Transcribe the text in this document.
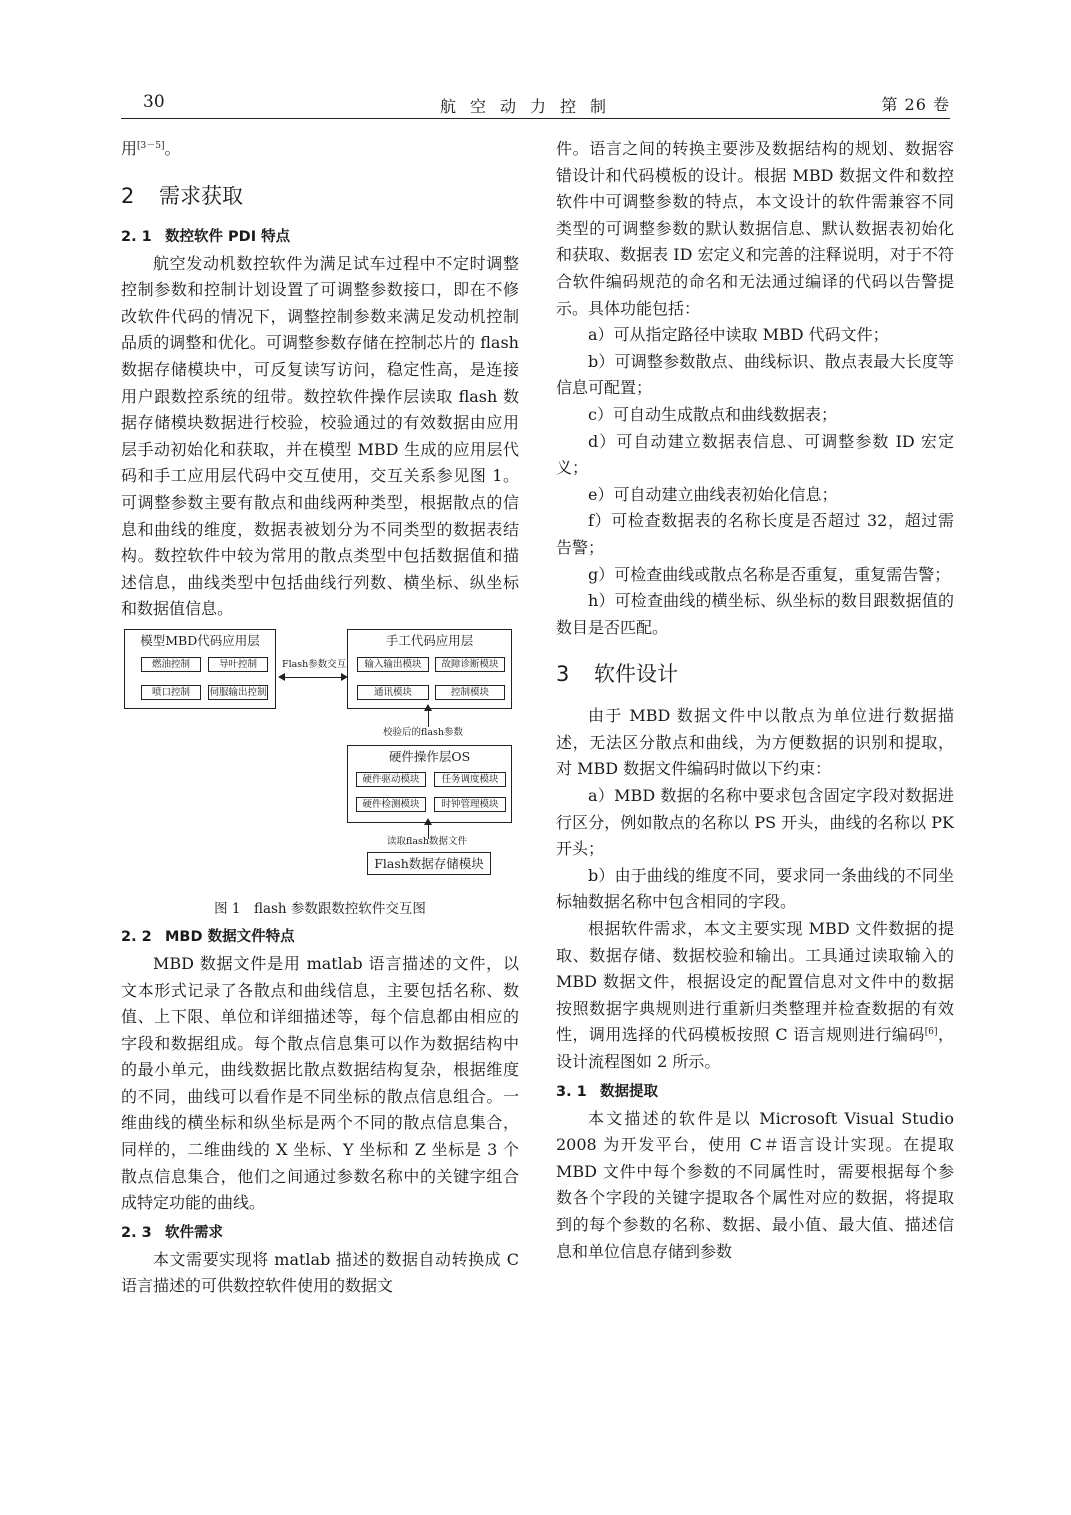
30	航空动力控制	第 26 卷

用[3－5]。

2 需求获取
2. 1 数控软件 PDI 特点

航空发动机数控软件为满足试车过程中不定时调整控制参数和控制计划设置了可调整参数接口，即在不修改软件代码的情况下，调整控制参数来满足发动机控制品质的调整和优化。可调整参数存储在控制芯片的 flash 数据存储模块中，可反复读写访问，稳定性高，是连接用户跟数控系统的纽带。数控软件操作层读取 flash 数据存储模块数据进行校验，校验通过的有效数据由应用层手动初始化和获取，并在模型 MBD 生成的应用层代码和手工应用层代码中交互使用，交互关系参见图 1。可调整参数主要有散点和曲线两种类型，根据散点的信息和曲线的维度，数据表被划分为不同类型的数据表结构。数控软件中较为常用的散点类型中包括数据值和描述信息，曲线类型中包括曲线行列数、横坐标、纵坐标和数据值信息。

模型MBD代码应用层
燃油控制	导叶控制
喷口控制	伺服输出控制
Flash参数交互
手工代码应用层
输入输出模块	故障诊断模块
通讯模块	控制模块
校验后的flash参数
硬件操作层OS
硬件驱动模块	任务调度模块
硬件检测模块	时钟管理模块
读取flash数据文件
Flash数据存储模块

图 1　flash 参数跟数控软件交互图

2. 2 MBD 数据文件特点

MBD 数据文件是用 matlab 语言描述的文件，以文本形式记录了各散点和曲线信息，主要包括名称、数值、上下限、单位和详细描述等，每个信息都由相应的字段和数据组成。每个散点信息集可以作为数据结构中的最小单元，曲线数据比散点数据结构复杂，根据维度的不同，曲线可以看作是不同坐标的散点信息组合。一维曲线的横坐标和纵坐标是两个不同的散点信息集合，同样的，二维曲线的 X 坐标、Y 坐标和 Z 坐标是 3 个散点信息集合，他们之间通过参数名称中的关键字组合成特定功能的曲线。

2. 3 软件需求

本文需要实现将 matlab 描述的数据自动转换成 C 语言描述的可供数控软件使用的数据文

件。语言之间的转换主要涉及数据结构的规划、数据容错设计和代码模板的设计。根据 MBD 数据文件和数控软件中可调整参数的特点，本文设计的软件需兼容不同类型的可调整参数的默认数据信息、默认数据表初始化和获取、数据表 ID 宏定义和完善的注释说明，对于不符合软件编码规范的命名和无法通过编译的代码以告警提示。具体功能包括：

a）可从指定路径中读取 MBD 代码文件；

b）可调整参数散点、曲线标识、散点表最大长度等信息可配置；

c）可自动生成散点和曲线数据表；

d）可自动建立数据表信息、可调整参数 ID 宏定义；

e）可自动建立曲线表初始化信息；

f）可检查数据表的名称长度是否超过 32，超过需告警；

g）可检查曲线或散点名称是否重复，重复需告警；

h）可检查曲线的横坐标、纵坐标的数目跟数据值的数目是否匹配。

3 软件设计

由于 MBD 数据文件中以散点为单位进行数据描述，无法区分散点和曲线，为方便数据的识别和提取，对 MBD 数据文件编码时做以下约束：

a）MBD 数据的名称中要求包含固定字段对数据进行区分，例如散点的名称以 PS 开头，曲线的名称以 PK 开头；

b）由于曲线的维度不同，要求同一条曲线的不同坐标轴数据名称中包含相同的字段。

根据软件需求，本文主要实现 MBD 文件数据的提取、数据存储、数据校验和输出。工具通过读取输入的 MBD 数据文件，根据设定的配置信息对文件中的数据按照数据字典规则进行重新归类整理并检查数据的有效性，调用选择的代码模板按照 C 语言规则进行编码[6]，设计流程图如 2 所示。

3. 1 数据提取

本文描述的软件是以 Microsoft Visual Studio 2008 为开发平台，使用 C＃语言设计实现。在提取 MBD 文件中每个参数的不同属性时，需要根据每个参数各个字段的关键字提取各个属性对应的数据，将提取到的每个参数的名称、数据、最小值、最大值、描述信息和单位信息存储到参数
